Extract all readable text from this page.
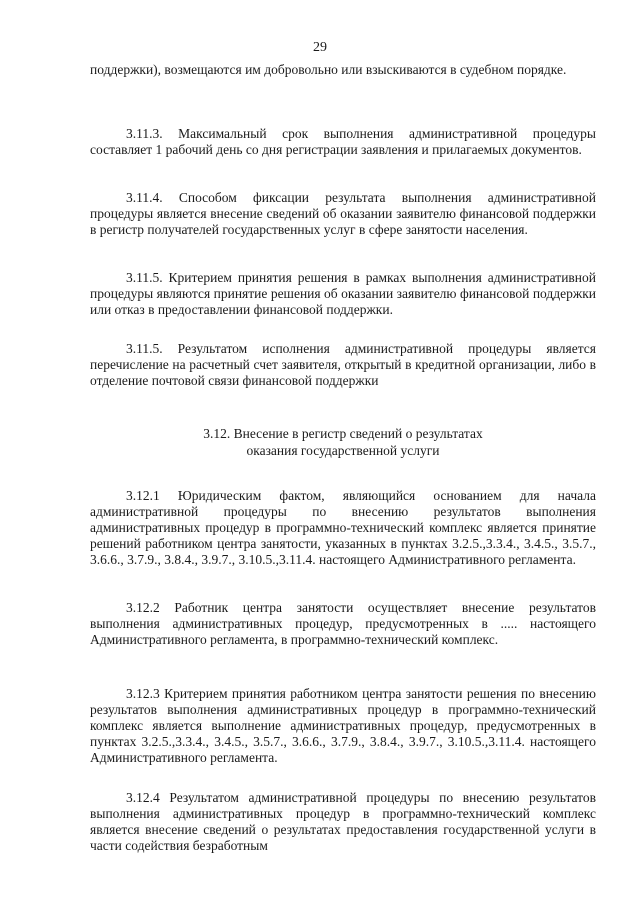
29

поддержки), возмещаются им добровольно или взыскиваются в судебном порядке.

3.11.3. Максимальный срок выполнения административной процедуры составляет 1 рабочий день со дня регистрации заявления и прилагаемых документов.

3.11.4. Способом фиксации результата выполнения административной процедуры является внесение сведений об оказании заявителю финансовой поддержки в регистр получателей государственных услуг в сфере занятости населения.

3.11.5. Критерием принятия решения в рамках выполнения административной процедуры являются принятие решения об оказании заявителю финансовой поддержки или отказ в предоставлении финансовой поддержки.

3.11.5. Результатом исполнения административной процедуры является перечисление на расчетный счет заявителя, открытый в кредитной организации, либо в отделение почтовой связи финансовой поддержки

3.12. Внесение в регистр сведений о результатах
оказания государственной услуги

3.12.1 Юридическим фактом, являющийся основанием для начала административной процедуры по внесению результатов выполнения административных процедур в программно-технический комплекс является принятие решений работником центра занятости, указанных в пунктах 3.2.5.,3.3.4., 3.4.5., 3.5.7., 3.6.6., 3.7.9., 3.8.4., 3.9.7., 3.10.5.,3.11.4. настоящего Административного регламента.

3.12.2 Работник центра занятости осуществляет внесение результатов выполнения административных процедур, предусмотренных в ..... настоящего Административного регламента, в программно-технический комплекс.

3.12.3 Критерием принятия работником центра занятости решения по внесению результатов выполнения административных процедур в программно-технический комплекс является выполнение административных процедур, предусмотренных в пунктах 3.2.5.,3.3.4., 3.4.5., 3.5.7., 3.6.6., 3.7.9., 3.8.4., 3.9.7., 3.10.5.,3.11.4. настоящего Административного регламента.

3.12.4 Результатом административной процедуры по внесению результатов выполнения административных процедур в программно-технический комплекс является внесение сведений о результатах предоставления государственной услуги в части содействия безработным
